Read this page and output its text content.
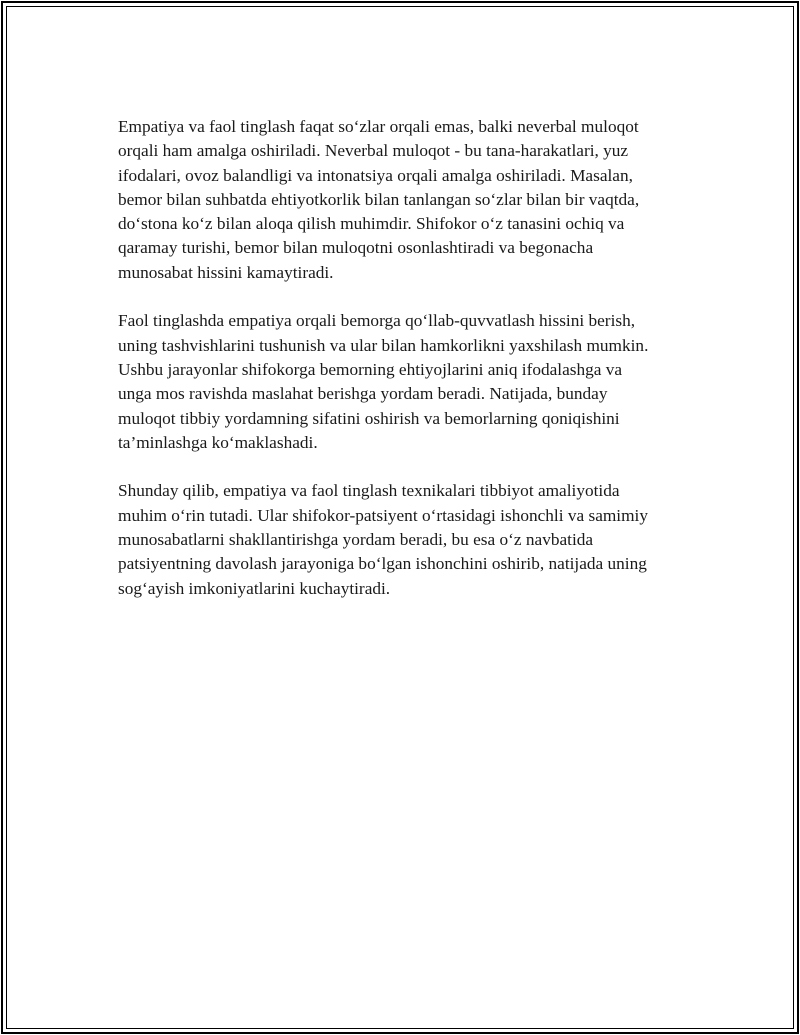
Empatiya va faol tinglash faqat so‘zlar orqali emas, balki neverbal muloqot
orqali ham amalga oshiriladi. Neverbal muloqot - bu tana-harakatlari, yuz
ifodalari, ovoz balandligi va intonatsiya orqali amalga oshiriladi. Masalan,
bemor bilan suhbatda ehtiyotkorlik bilan tanlangan so‘zlar bilan bir vaqtda,
do‘stona ko‘z bilan aloqa qilish muhimdir. Shifokor o‘z tanasini ochiq va
qaramay turishi, bemor bilan muloqotni osonlashtiradi va begonacha
munosabat hissini kamaytiradi.

Faol tinglashda empatiya orqali bemorga qo‘llab-quvvatlash hissini berish,
uning tashvishlarini tushunish va ular bilan hamkorlikni yaxshilash mumkin.
Ushbu jarayonlar shifokorga bemorning ehtiyojlarini aniq ifodalashga va
unga mos ravishda maslahat berishga yordam beradi. Natijada, bunday
muloqot tibbiy yordamning sifatini oshirish va bemorlarning qoniqishini
ta’minlashga ko‘maklashadi.

Shunday qilib, empatiya va faol tinglash texnikalari tibbiyot amaliyotida
muhim o‘rin tutadi. Ular shifokor-patsiyent o‘rtasidagi ishonchli va samimiy
munosabatlarni shakllantirishga yordam beradi, bu esa o‘z navbatida
patsiyentning davolash jarayoniga bo‘lgan ishonchini oshirib, natijada uning
sog‘ayish imkoniyatlarini kuchaytiradi.
